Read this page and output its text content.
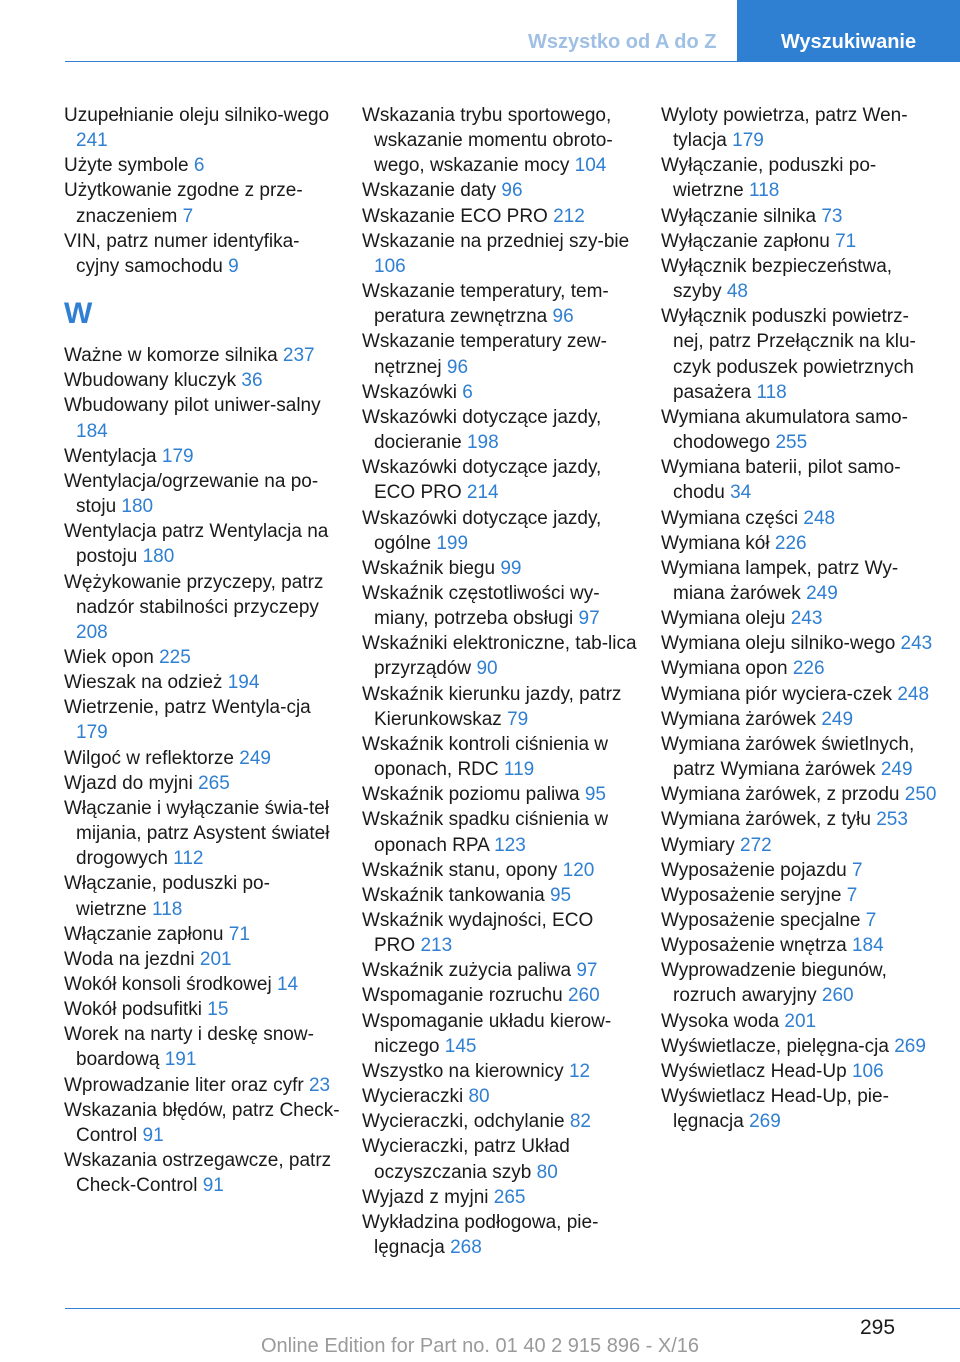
Wszystko od A do Z	Wyszukiwanie
Uzupełnianie oleju silniko‐wego 241
Użyte symbole 6
Użytkowanie zgodne z prze‐znaczeniem 7
VIN, patrz numer identyfika‐cyjny samochodu 9
W
Ważne w komorze silnika 237
Wbudowany kluczyk 36
Wbudowany pilot uniwer‐salny 184
Wentylacja 179
Wentylacja/ogrzewanie na po‐stoju 180
Wentylacja patrz Wentylacja na postoju 180
Wężykowanie przyczepy, patrz nadzór stabilności przyczepy 208
Wiek opon 225
Wieszak na odzież 194
Wietrzenie, patrz Wentyla‐cja 179
Wilgoć w reflektorze 249
Wjazd do myjni 265
Włączanie i wyłączanie świa‐teł mijania, patrz Asystent świateł drogowych 112
Włączanie, poduszki po‐wietrzne 118
Włączanie zapłonu 71
Woda na jezdni 201
Wokół konsoli środkowej 14
Wokół podsufitki 15
Worek na narty i deskę snow‐boardową 191
Wprowadzanie liter oraz cyfr 23
Wskazania błędów, patrz Check-Control 91
Wskazania ostrzegawcze, patrz Check-Control 91
Wskazania trybu sportowego, wskazanie momentu obroto‐wego, wskazanie mocy 104
Wskazanie daty 96
Wskazanie ECO PRO 212
Wskazanie na przedniej szy‐bie 106
Wskazanie temperatury, tem‐peratura zewnętrzna 96
Wskazanie temperatury zew‐nętrznej 96
Wskazówki 6
Wskazówki dotyczące jazdy, docieranie 198
Wskazówki dotyczące jazdy, ECO PRO 214
Wskazówki dotyczące jazdy, ogólne 199
Wskaźnik biegu 99
Wskaźnik częstotliwości wy‐miany, potrzeba obsługi 97
Wskaźniki elektroniczne, tab‐lica przyrządów 90
Wskaźnik kierunku jazdy, patrz Kierunkowskaz 79
Wskaźnik kontroli ciśnienia w oponach, RDC 119
Wskaźnik poziomu paliwa 95
Wskaźnik spadku ciśnienia w oponach RPA 123
Wskaźnik stanu, opony 120
Wskaźnik tankowania 95
Wskaźnik wydajności, ECO PRO 213
Wskaźnik zużycia paliwa 97
Wspomaganie rozruchu 260
Wspomaganie układu kierow‐niczego 145
Wszystko na kierownicy 12
Wycieraczki 80
Wycieraczki, odchylanie 82
Wycieraczki, patrz Układ oczyszczania szyb 80
Wyjazd z myjni 265
Wykładzina podłogowa, pie‐lęgnacja 268
Wyloty powietrza, patrz Wen‐tylacja 179
Wyłączanie, poduszki po‐wietrzne 118
Wyłączanie silnika 73
Wyłączanie zapłonu 71
Wyłącznik bezpieczeństwa, szyby 48
Wyłącznik poduszki powietrz‐nej, patrz Przełącznik na klu‐czyk poduszek powietrznych pasażera 118
Wymiana akumulatora samo‐chodowego 255
Wymiana baterii, pilot samo‐chodu 34
Wymiana części 248
Wymiana kół 226
Wymiana lampek, patrz Wy‐miana żarówek 249
Wymiana oleju 243
Wymiana oleju silniko‐wego 243
Wymiana opon 226
Wymiana piór wyciera‐czek 248
Wymiana żarówek 249
Wymiana żarówek świetlnych, patrz Wymiana żarówek 249
Wymiana żarówek, z przodu 250
Wymiana żarówek, z tyłu 253
Wymiary 272
Wyposażenie pojazdu 7
Wyposażenie seryjne 7
Wyposażenie specjalne 7
Wyposażenie wnętrza 184
Wyprowadzenie biegunów, rozruch awaryjny 260
Wysoka woda 201
Wyświetlacze, pielęgna‐cja 269
Wyświetlacz Head-Up 106
Wyświetlacz Head-Up, pie‐lęgnacja 269
295
Online Edition for Part no. 01 40 2 915 896 - X/16
